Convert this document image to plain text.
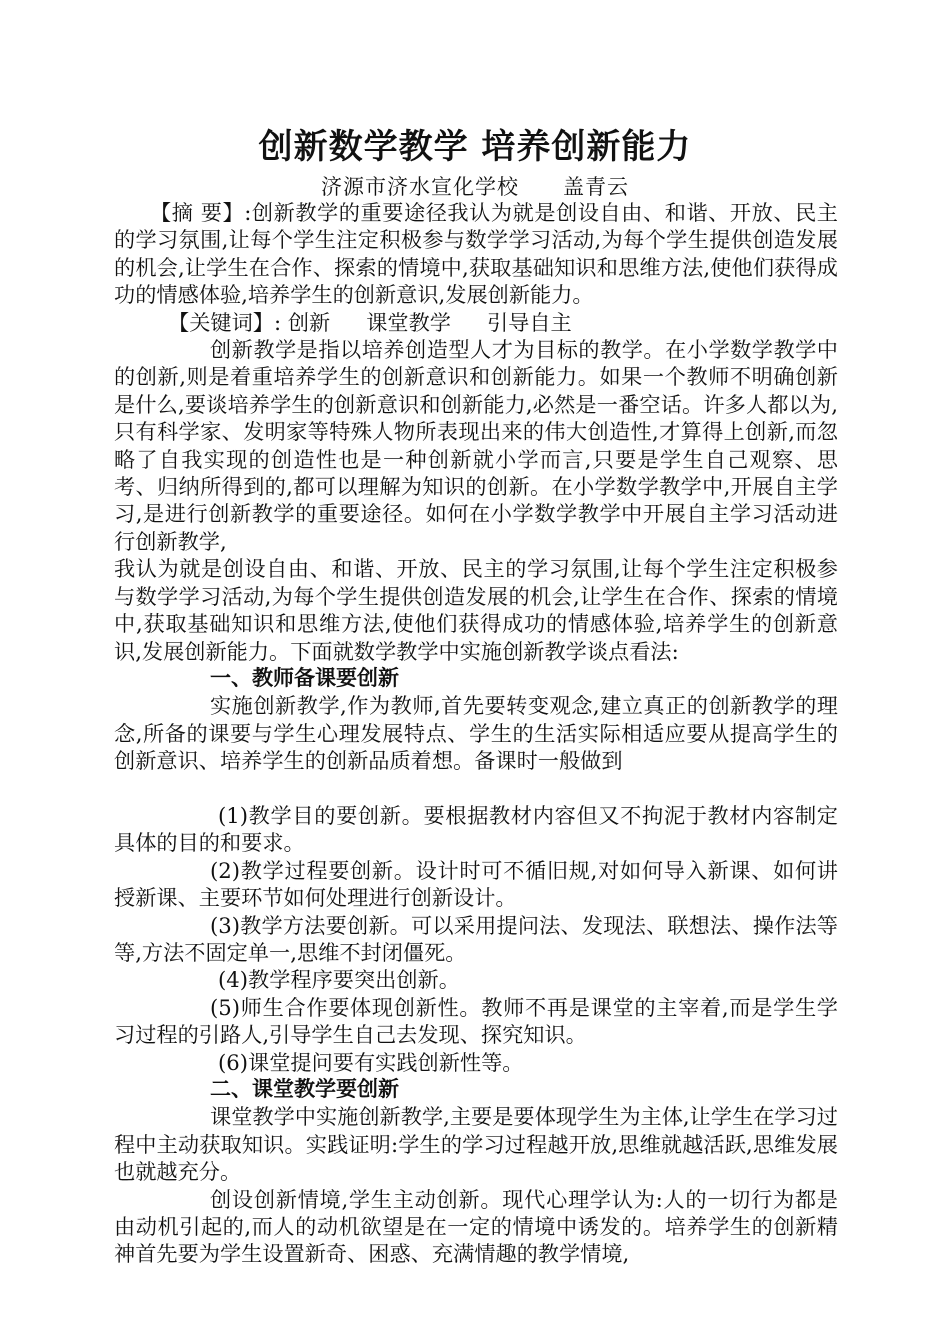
创新数学教学 培养创新能力
济源市济水宣化学校 盖青云

【摘 要】:创新教学的重要途径我认为就是创设自由、和谐、开放、民主的学习氛围,让每个学生注定积极参与数学学习活动,为每个学生提供创造发展的机会,让学生在合作、探索的情境中,获取基础知识和思维方法,使他们获得成功的情感体验,培养学生的创新意识,发展创新能力。

【关键词】: 创新 课堂教学 引导自主

创新教学是指以培养创造型人才为目标的教学。在小学数学教学中的创新,则是着重培养学生的创新意识和创新能力。如果一个教师不明确创新是什么,要谈培养学生的创新意识和创新能力,必然是一番空话。许多人都以为,只有科学家、发明家等特殊人物所表现出来的伟大创造性,才算得上创新,而忽略了自我实现的创造性也是一种创新就小学而言,只要是学生自己观察、思考、归纳所得到的,都可以理解为知识的创新。在小学数学教学中,开展自主学习,是进行创新教学的重要途径。如何在小学数学教学中开展自主学习活动进行创新教学,

我认为就是创设自由、和谐、开放、民主的学习氛围,让每个学生注定积极参与数学学习活动,为每个学生提供创造发展的机会,让学生在合作、探索的情境中,获取基础知识和思维方法,使他们获得成功的情感体验,培养学生的创新意识,发展创新能力。下面就数学教学中实施创新教学谈点看法:

一、教师备课要创新

实施创新教学,作为教师,首先要转变观念,建立真正的创新教学的理念,所备的课要与学生心理发展特点、学生的生活实际相适应要从提高学生的创新意识、培养学生的创新品质着想。备课时一般做到

(1)教学目的要创新。要根据教材内容但又不拘泥于教材内容制定具体的目的和要求。

(2)教学过程要创新。设计时可不循旧规,对如何导入新课、如何讲授新课、主要环节如何处理进行创新设计。

(3)教学方法要创新。可以采用提问法、发现法、联想法、操作法等等,方法不固定单一,思维不封闭僵死。

(4)教学程序要突出创新。

(5)师生合作要体现创新性。教师不再是课堂的主宰着,而是学生学习过程的引路人,引导学生自己去发现、探究知识。

(6)课堂提问要有实践创新性等。

二、课堂教学要创新

课堂教学中实施创新教学,主要是要体现学生为主体,让学生在学习过程中主动获取知识。实践证明:学生的学习过程越开放,思维就越活跃,思维发展也就越充分。

创设创新情境,学生主动创新。现代心理学认为:人的一切行为都是由动机引起的,而人的动机欲望是在一定的情境中诱发的。培养学生的创新精神首先要为学生设置新奇、困惑、充满情趣的教学情境,
